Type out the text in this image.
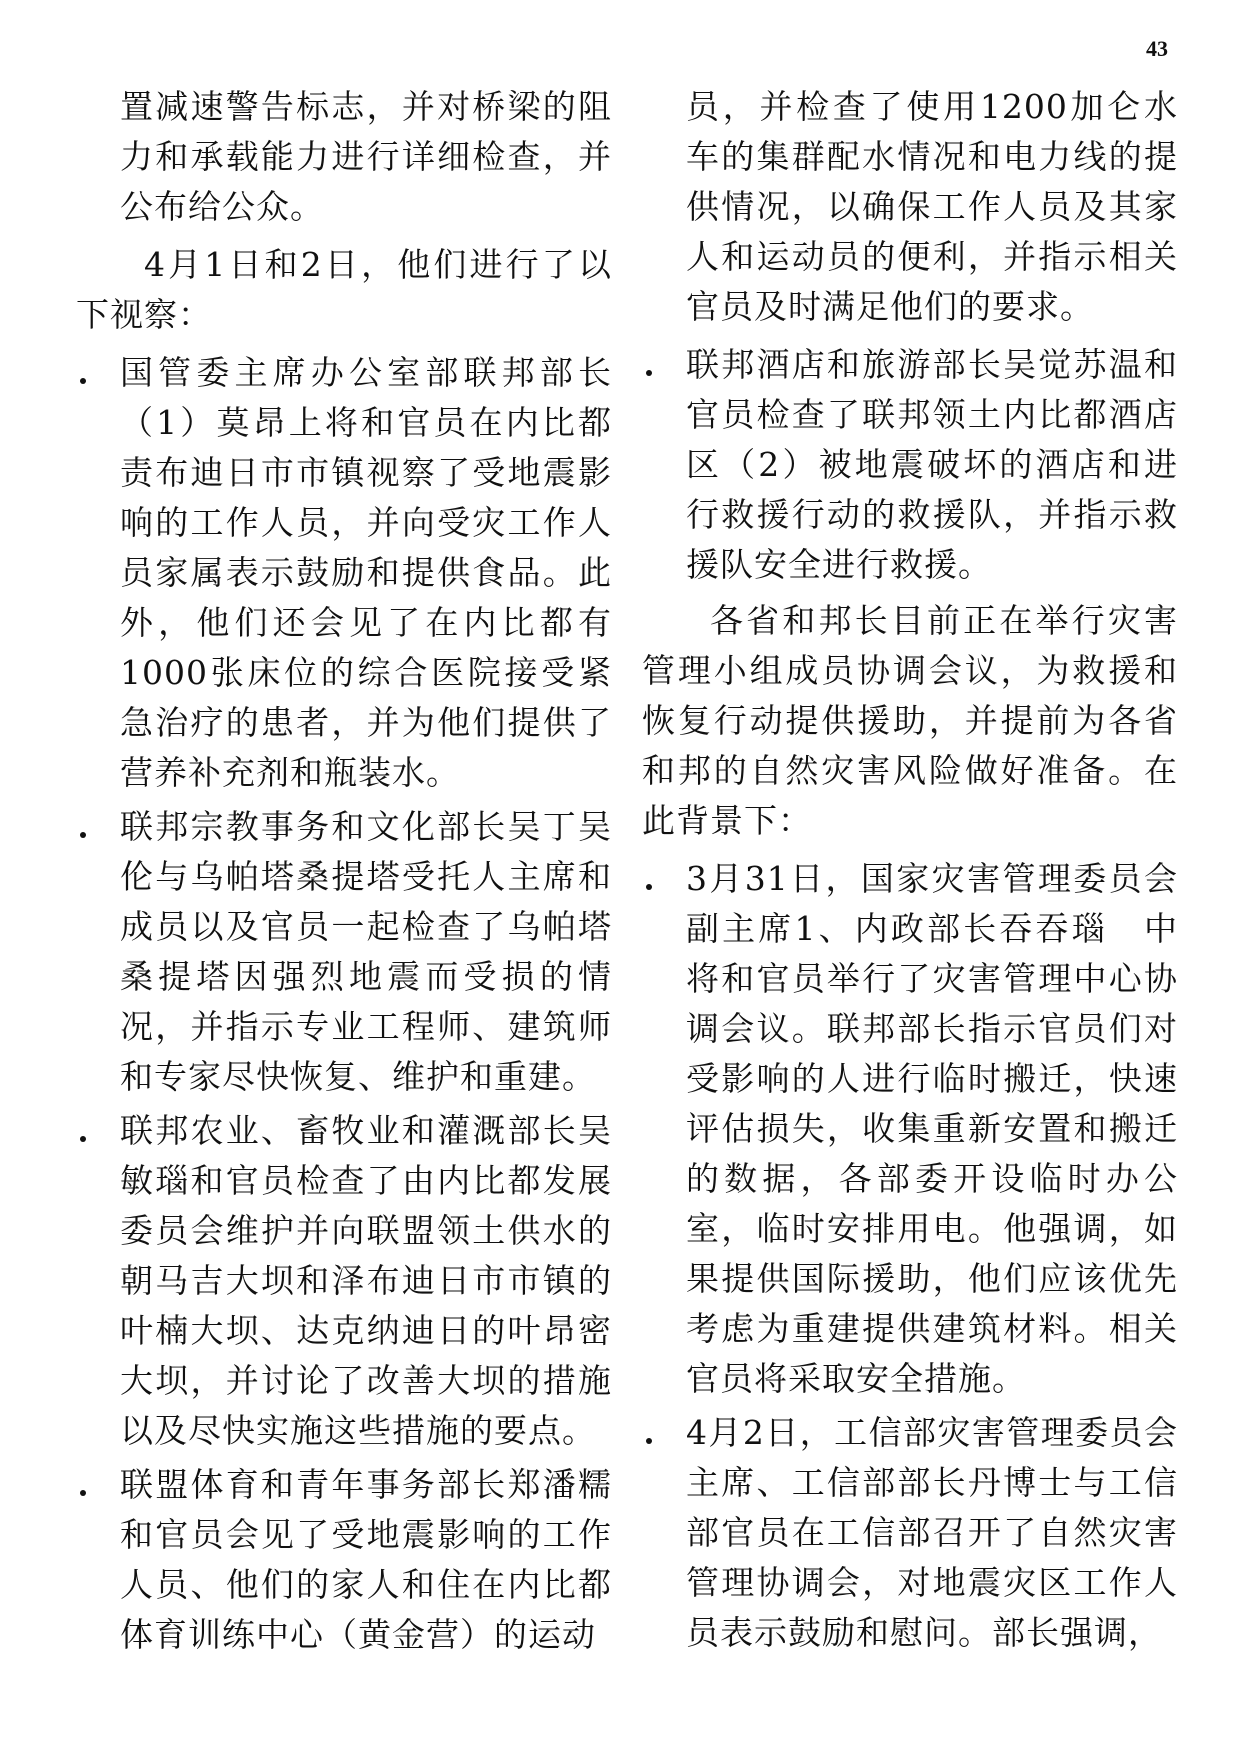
43

置减速警告标志，并对桥梁的阻力和承载能力进行详细检查，并公布给公众。

4月1日和2日，他们进行了以下视察：

国管委主席办公室部联邦部长（1）莫昂上将和官员在内比都责布迪日市市镇视察了受地震影响的工作人员，并向受灾工作人员家属表示鼓励和提供食品。此外，他们还会见了在内比都有1000张床位的综合医院接受紧急治疗的患者，并为他们提供了营养补充剂和瓶装水。
联邦宗教事务和文化部长吴丁吴伦与乌帕塔桑提塔受托人主席和成员以及官员一起检查了乌帕塔桑提塔因强烈地震而受损的情况，并指示专业工程师、建筑师和专家尽快恢复、维护和重建。
联邦农业、畜牧业和灌溉部长吴敏瑙和官员检查了由内比都发展委员会维护并向联盟领土供水的朝马吉大坝和泽布迪日市市镇的叶楠大坝、达克纳迪日的叶昂密大坝，并讨论了改善大坝的措施以及尽快实施这些措施的要点。
联盟体育和青年事务部长郑潘糯和官员会见了受地震影响的工作人员、他们的家人和住在内比都体育训练中心（黄金营）的运动

员，并检查了使用1200加仑水车的集群配水情况和电力线的提供情况，以确保工作人员及其家人和运动员的便利，并指示相关官员及时满足他们的要求。

联邦酒店和旅游部长吴觉苏温和官员检查了联邦领土内比都酒店区（2）被地震破坏的酒店和进行救援行动的救援队，并指示救援队安全进行救援。

各省和邦长目前正在举行灾害管理小组成员协调会议，为救援和恢复行动提供援助，并提前为各省和邦的自然灾害风险做好准备。在此背景下：

3月31日，国家灾害管理委员会副主席1、内政部长吞吞瑙　中将和官员举行了灾害管理中心协调会议。联邦部长指示官员们对受影响的人进行临时搬迁，快速评估损失，收集重新安置和搬迁的数据，各部委开设临时办公室，临时安排用电。他强调，如果提供国际援助，他们应该优先考虑为重建提供建筑材料。相关官员将采取安全措施。
4月2日，工信部灾害管理委员会主席、工信部部长丹博士与工信部官员在工信部召开了自然灾害管理协调会，对地震灾区工作人员表示鼓励和慰问。部长强调，
